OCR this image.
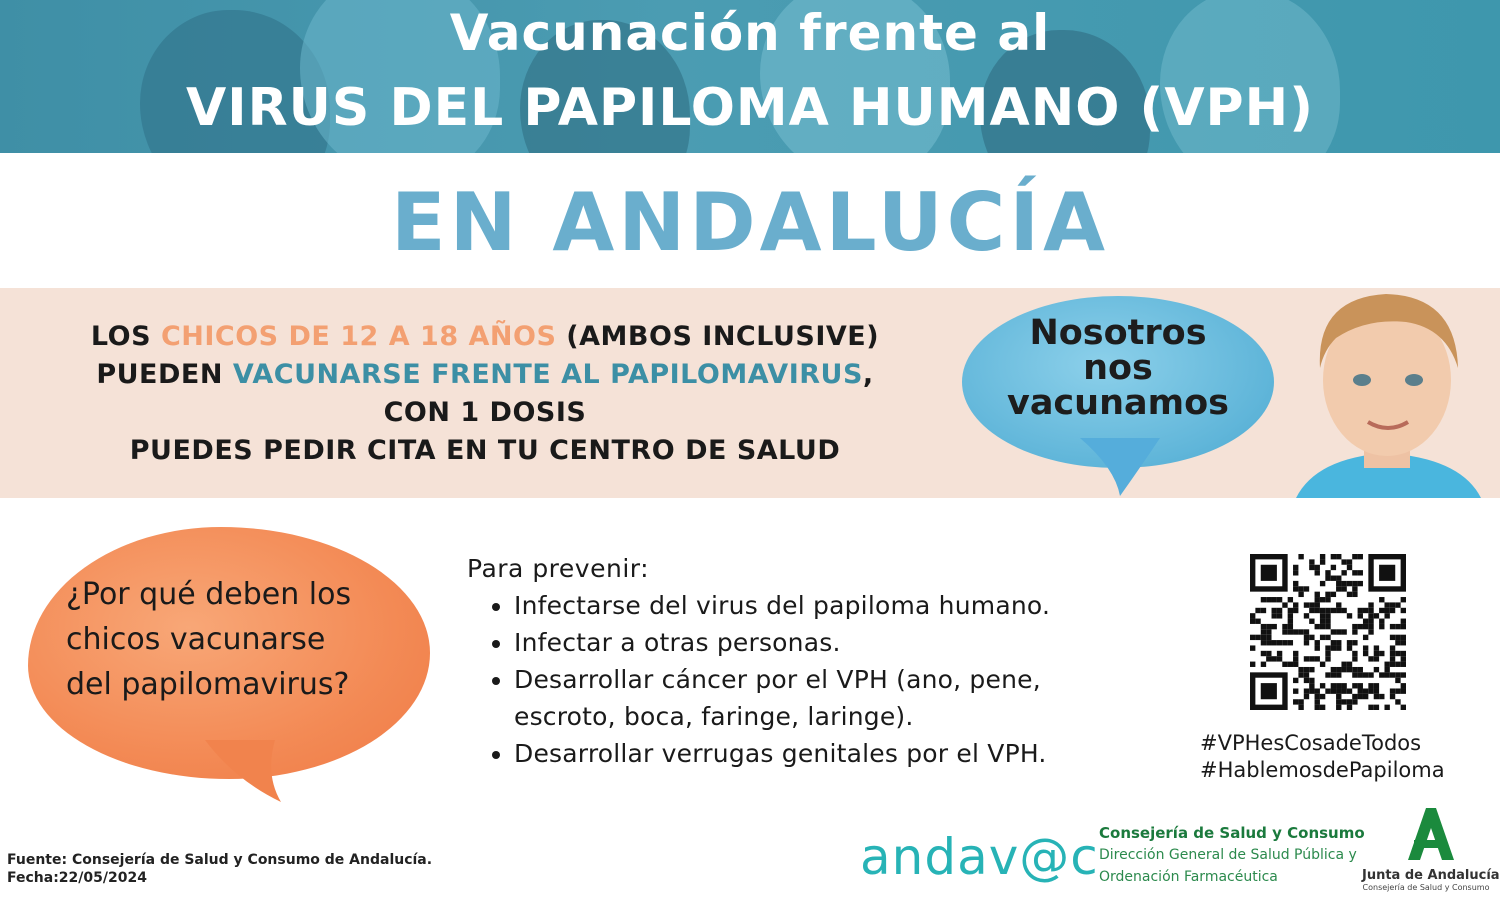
Vacunación frente al
VIRUS DEL PAPILOMA HUMANO (VPH)
EN ANDALUCÍA
LOS CHICOS DE 12 A 18 AÑOS (AMBOS INCLUSIVE)
PUEDEN VACUNARSE FRENTE AL PAPILOMAVIRUS,
CON 1 DOSIS
PUEDES PEDIR CITA EN TU CENTRO DE SALUD
Nosotros
nos
vacunamos
¿Por qué deben los
chicos vacunarse
del papilomavirus?
Para prevenir:
• Infectarse del virus del papiloma humano.
• Infectar a otras personas.
• Desarrollar cáncer por el VPH (ano, pene, escroto, boca, faringe, laringe).
• Desarrollar verrugas genitales por el VPH.	#VPHesCosadeTodos
#HablemosdePapiloma
Fuente: Consejería de Salud y Consumo de Andalucía.
Fecha:22/05/2024	andav@c Consejería de Salud y Consumo
Dirección General de Salud Pública y
Ordenación Farmacéutica	Junta de Andalucía
Consejería de Salud y Consumo
